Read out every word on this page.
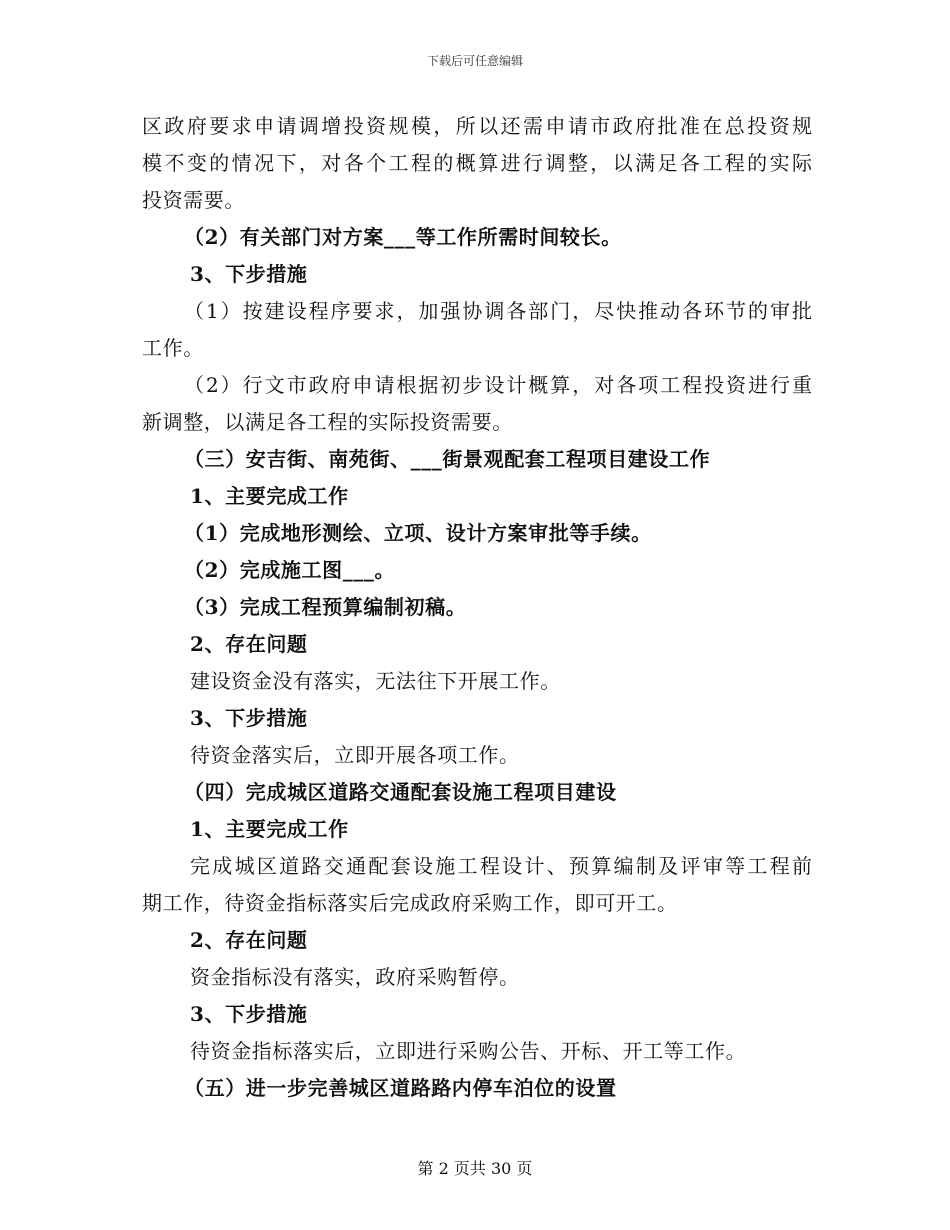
下载后可任意编辑
区政府要求申请调增投资规模，所以还需申请市政府批准在总投资规
模不变的情况下，对各个工程的概算进行调整，以满足各工程的实际
投资需要。
（2）有关部门对方案___等工作所需时间较长。
3、下步措施
（1）按建设程序要求，加强协调各部门，尽快推动各环节的审批
工作。
（2）行文市政府申请根据初步设计概算，对各项工程投资进行重
新调整，以满足各工程的实际投资需要。
（三）安吉街、南苑街、___街景观配套工程项目建设工作
1、主要完成工作
（1）完成地形测绘、立项、设计方案审批等手续。
（2）完成施工图___。
（3）完成工程预算编制初稿。
2、存在问题
建设资金没有落实，无法往下开展工作。
3、下步措施
待资金落实后，立即开展各项工作。
（四）完成城区道路交通配套设施工程项目建设
1、主要完成工作
完成城区道路交通配套设施工程设计、预算编制及评审等工程前
期工作，待资金指标落实后完成政府采购工作，即可开工。
2、存在问题
资金指标没有落实，政府采购暂停。
3、下步措施
待资金指标落实后，立即进行采购公告、开标、开工等工作。
（五）进一步完善城区道路路内停车泊位的设置
第 2 页共 30 页
